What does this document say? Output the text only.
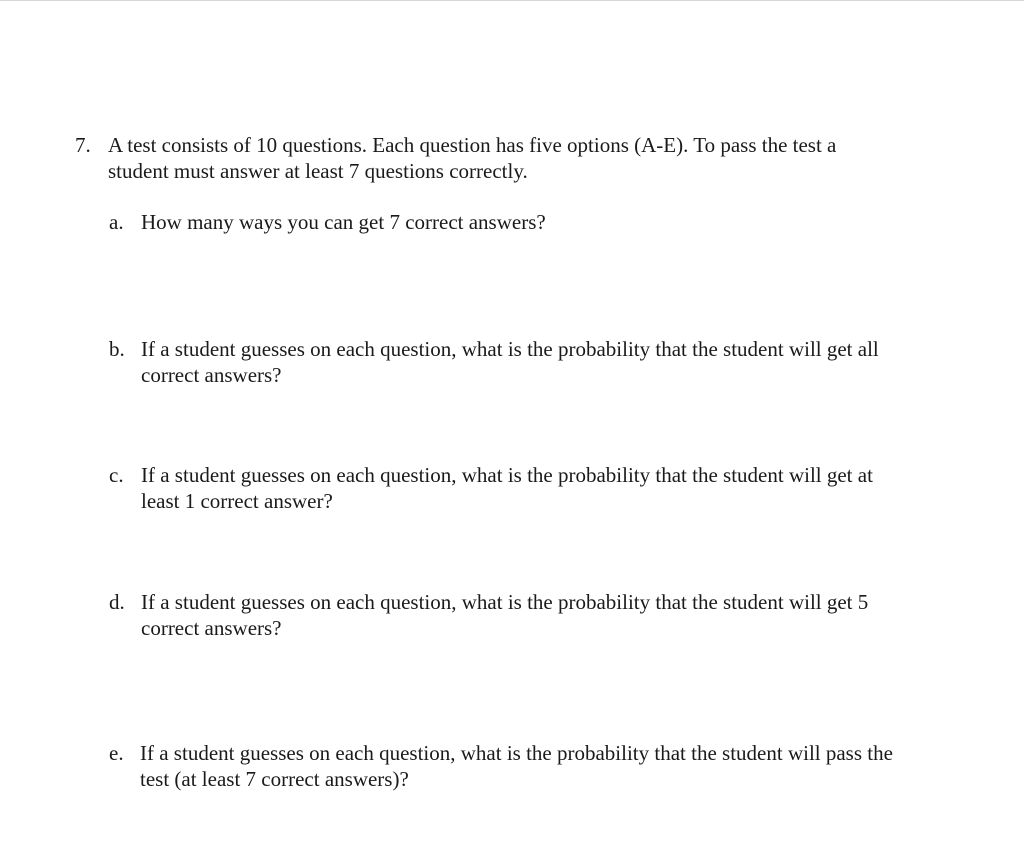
7. A test consists of 10 questions. Each question has five options (A-E). To pass the test a
student must answer at least 7 questions correctly.
a. How many ways you can get 7 correct answers?
b. If a student guesses on each question, what is the probability that the student will get all
correct answers?
c. If a student guesses on each question, what is the probability that the student will get at
least 1 correct answer?
d. If a student guesses on each question, what is the probability that the student will get 5
correct answers?
e. If a student guesses on each question, what is the probability that the student will pass the
test (at least 7 correct answers)?
